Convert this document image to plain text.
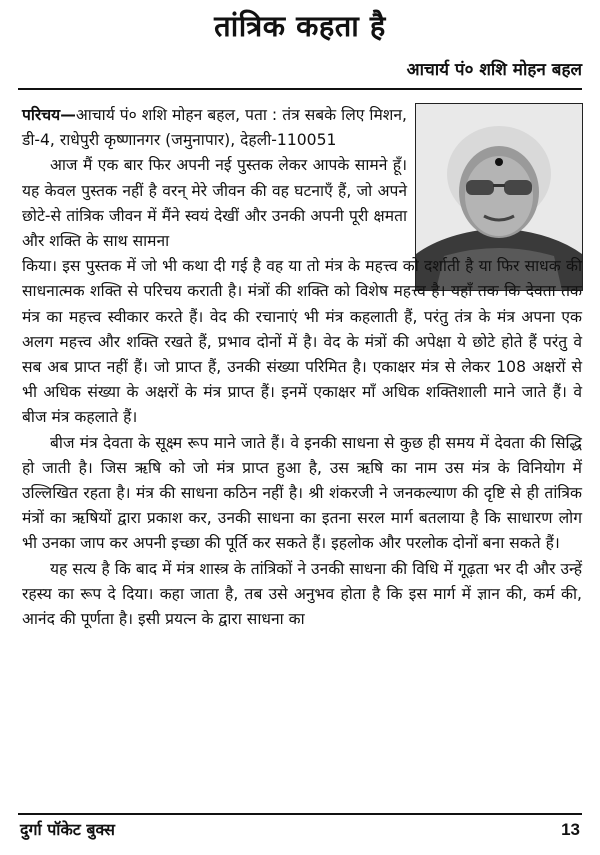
तांत्रिक कहता है
आचार्य पं० शशि मोहन बहल

परिचय—आचार्य पं० शशि मोहन बहल, पता : तंत्र सबके लिए मिशन, डी-4, राधेपुरी कृष्णानगर (जमुनापार), देहली-110051

आज मैं एक बार फिर अपनी नई पुस्तक लेकर आपके सामने हूँ। यह केवल पुस्तक नहीं है वरन् मेरे जीवन की वह घटनाएँ हैं, जो अपने छोटे-से तांत्रिक जीवन में मैंने स्वयं देखीं और उनकी अपनी पूरी क्षमता और शक्ति के साथ सामना

किया। इस पुस्तक में जो भी कथा दी गई है वह या तो मंत्र के महत्त्व को दर्शाती है या फिर साधक की साधनात्मक शक्ति से परिचय कराती है। मंत्रों की शक्ति को विशेष महत्त्व है। यहाँ तक कि देवता तक मंत्र का महत्त्व स्वीकार करते हैं। वेद की रचानाएं भी मंत्र कहलाती हैं, परंतु तंत्र के मंत्र अपना एक अलग महत्त्व और शक्ति रखते हैं, प्रभाव दोनों में है। वेद के मंत्रों की अपेक्षा ये छोटे होते हैं परंतु वे सब अब प्राप्त नहीं हैं। जो प्राप्त हैं, उनकी संख्या परिमित है। एकाक्षर मंत्र से लेकर 108 अक्षरों से भी अधिक संख्या के अक्षरों के मंत्र प्राप्त हैं। इनमें एकाक्षर माँ अधिक शक्तिशाली माने जाते हैं। वे बीज मंत्र कहलाते हैं।

बीज मंत्र देवता के सूक्ष्म रूप माने जाते हैं। वे इनकी साधना से कुछ ही समय में देवता की सिद्धि हो जाती है। जिस ऋषि को जो मंत्र प्राप्त हुआ है, उस ऋषि का नाम उस मंत्र के विनियोग में उल्लिखित रहता है। मंत्र की साधना कठिन नहीं है। श्री शंकरजी ने जनकल्याण की दृष्टि से ही तांत्रिक मंत्रों का ऋषियों द्वारा प्रकाश कर, उनकी साधना का इतना सरल मार्ग बतलाया है कि साधारण लोग भी उनका जाप कर अपनी इच्छा की पूर्ति कर सकते हैं। इहलोक और परलोक दोनों बना सकते हैं।

यह सत्य है कि बाद में मंत्र शास्त्र के तांत्रिकों ने उनकी साधना की विधि में गूढ़ता भर दी और उन्हें रहस्य का रूप दे दिया। कहा जाता है, तब उसे अनुभव होता है कि इस मार्ग में ज्ञान की, कर्म की, आनंद की पूर्णता है। इसी प्रयत्न के द्वारा साधना का

दुर्गा पॉकेट बुक्स	13
